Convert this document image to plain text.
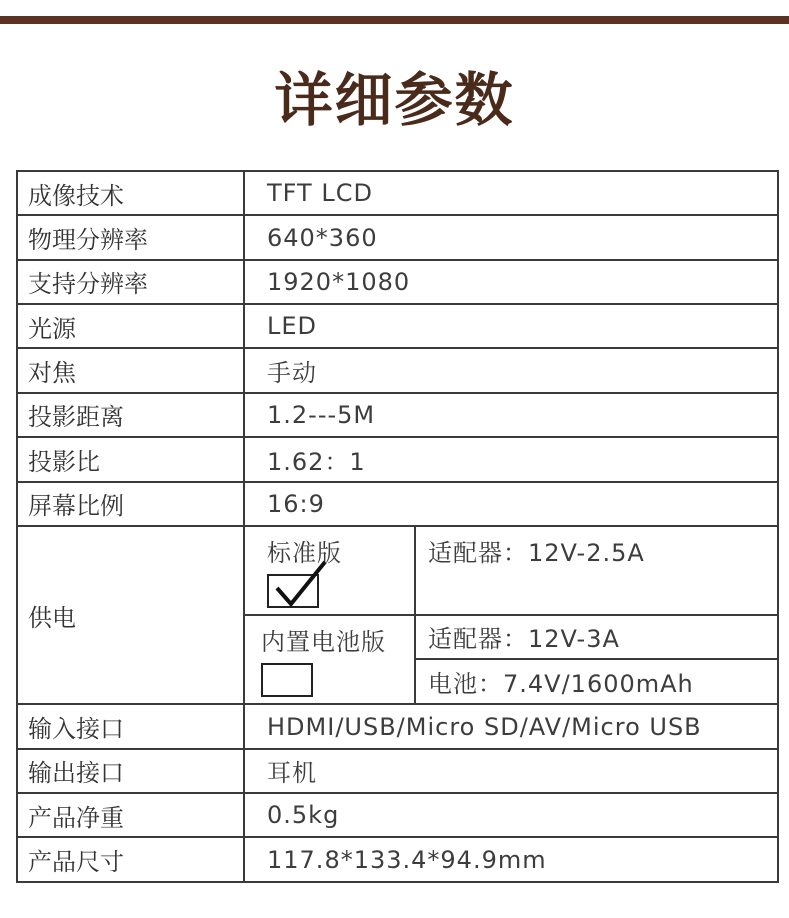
详细参数
成像技术	TFT LCD	
物理分辨率	640*360	
支持分辨率	1920*1080	
光源	LED	
对焦	手动	
投影距离	1.2---5M	
投影比	1.62：1	
屏幕比例	16:9	
供电	标准版	适配器：12V-2.5A

	内置电池版	适配器：12V-3A
		电池：7.4V/1600mAh
输入接口	HDMI/USB/Micro SD/AV/Micro USB	
输出接口	耳机	
产品净重	0.5kg	
产品尺寸	117.8*133.4*94.9mm	
